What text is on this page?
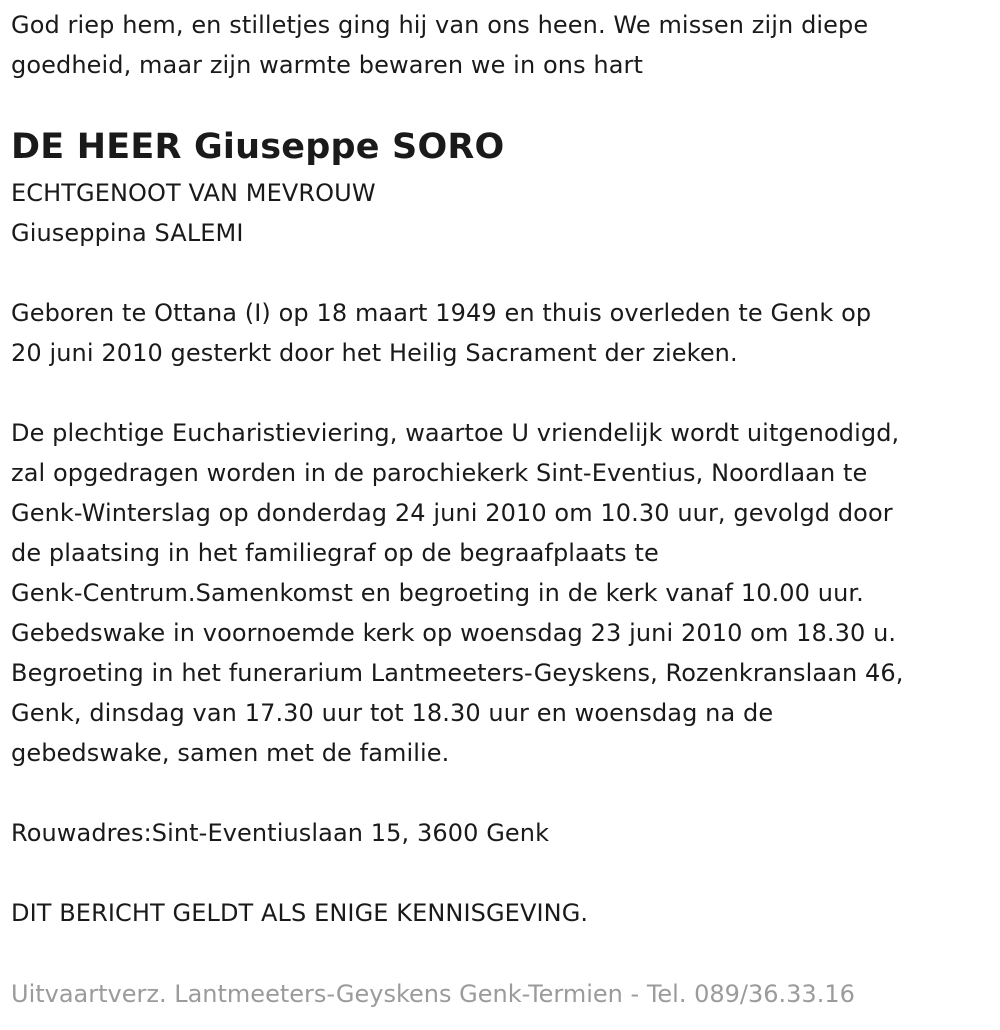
God riep hem, en stilletjes ging hij van ons heen. We missen zijn diepe
goedheid, maar zijn warmte bewaren we in ons hart
DE HEER Giuseppe SORO
ECHTGENOOT VAN MEVROUW
Giuseppina SALEMI
Geboren te Ottana (I) op 18 maart 1949 en thuis overleden te Genk op
20 juni 2010 gesterkt door het Heilig Sacrament der zieken.
De plechtige Eucharistieviering, waartoe U vriendelijk wordt uitgenodigd,
zal opgedragen worden in de parochiekerk Sint-Eventius, Noordlaan te
Genk-Winterslag op donderdag 24 juni 2010 om 10.30 uur, gevolgd door
de plaatsing in het familiegraf op de begraafplaats te
Genk-Centrum.Samenkomst en begroeting in de kerk vanaf 10.00 uur.
Gebedswake in voornoemde kerk op woensdag 23 juni 2010 om 18.30 u.
Begroeting in het funerarium Lantmeeters-Geyskens, Rozenkranslaan 46,
Genk, dinsdag van 17.30 uur tot 18.30 uur en woensdag na de
gebedswake, samen met de familie.
Rouwadres:Sint-Eventiuslaan 15, 3600 Genk
DIT BERICHT GELDT ALS ENIGE KENNISGEVING.
Uitvaartverz. Lantmeeters-Geyskens Genk-Termien - Tel. 089/36.33.16
